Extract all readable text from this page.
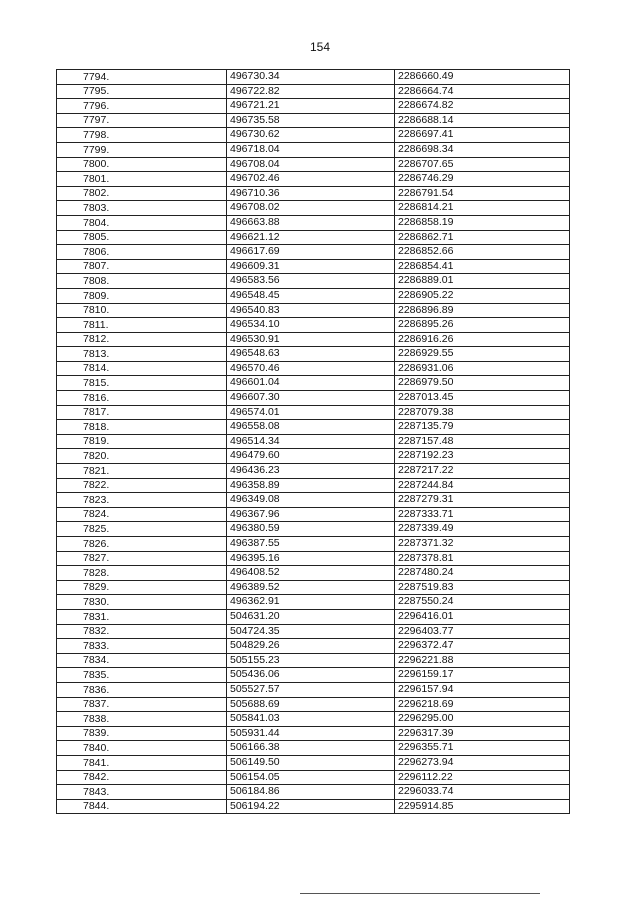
154
7794.	496730.34	2286660.49
7795.	496722.82	2286664.74
7796.	496721.21	2286674.82
7797.	496735.58	2286688.14
7798.	496730.62	2286697.41
7799.	496718.04	2286698.34
7800.	496708.04	2286707.65
7801.	496702.46	2286746.29
7802.	496710.36	2286791.54
7803.	496708.02	2286814.21
7804.	496663.88	2286858.19
7805.	496621.12	2286862.71
7806.	496617.69	2286852.66
7807.	496609.31	2286854.41
7808.	496583.56	2286889.01
7809.	496548.45	2286905.22
7810.	496540.83	2286896.89
7811.	496534.10	2286895.26
7812.	496530.91	2286916.26
7813.	496548.63	2286929.55
7814.	496570.46	2286931.06
7815.	496601.04	2286979.50
7816.	496607.30	2287013.45
7817.	496574.01	2287079.38
7818.	496558.08	2287135.79
7819.	496514.34	2287157.48
7820.	496479.60	2287192.23
7821.	496436.23	2287217.22
7822.	496358.89	2287244.84
7823.	496349.08	2287279.31
7824.	496367.96	2287333.71
7825.	496380.59	2287339.49
7826.	496387.55	2287371.32
7827.	496395.16	2287378.81
7828.	496408.52	2287480.24
7829.	496389.52	2287519.83
7830.	496362.91	2287550.24
7831.	504631.20	2296416.01
7832.	504724.35	2296403.77
7833.	504829.26	2296372.47
7834.	505155.23	2296221.88
7835.	505436.06	2296159.17
7836.	505527.57	2296157.94
7837.	505688.69	2296218.69
7838.	505841.03	2296295.00
7839.	505931.44	2296317.39
7840.	506166.38	2296355.71
7841.	506149.50	2296273.94
7842.	506154.05	2296112.22
7843.	506184.86	2296033.74
7844.	506194.22	2295914.85
